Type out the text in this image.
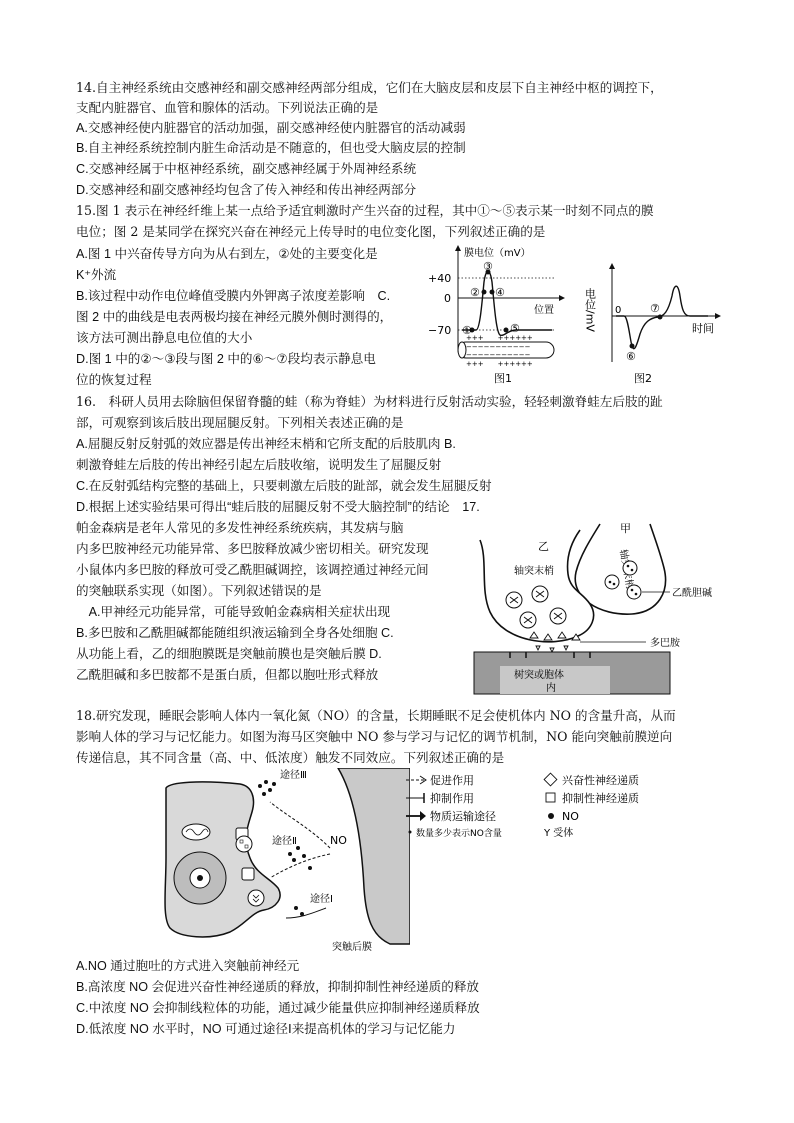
14.自主神经系统由交感神经和副交感神经两部分组成，它们在大脑皮层和皮层下自主神经中枢的调控下，
支配内脏器官、血管和腺体的活动。下列说法正确的是
A.交感神经使内脏器官的活动加强，副交感神经使内脏器官的活动减弱
B.自主神经系统控制内脏生命活动是不随意的，但也受大脑皮层的控制
C.交感神经属于中枢神经系统，副交感神经属于外周神经系统
D.交感神经和副交感神经均包含了传入神经和传出神经两部分
15.图 1 表示在神经纤维上某一点给予适宜刺激时产生兴奋的过程，其中①～⑤表示某一时刻不同点的膜
电位；图 2 是某同学在探究兴奋在神经元上传导时的电位变化图，下列叙述正确的是
A.图 1 中兴奋传导方向为从右到左，②处的主要变化是
K⁺外流
B.该过程中动作电位峰值受膜内外钾离子浓度差影响　C.
图 2 中的曲线是电表两极均接在神经元膜外侧时测得的，
该方法可测出静息电位值的大小
D.图 1 中的②～③段与图 2 中的⑥～⑦段均表示静息电
位的恢复过程
膜电位（mV）
+40
0
−70
位置
①
②
③
④
⑤
+++　　++++++
−−−−−−−−−−−
−−−−−−−−−−−
+++　　++++++
图1
电位/mV 0
时间
⑥
⑦
图2
16.　科研人员用去除脑但保留脊髓的蛙（称为脊蛙）为材料进行反射活动实验，轻轻刺激脊蛙左后肢的趾
部，可观察到该后肢出现屈腿反射。下列相关表述正确的是
A.屈腿反射反射弧的效应器是传出神经末梢和它所支配的后肢肌肉 B.
刺激脊蛙左后肢的传出神经引起左后肢收缩，说明发生了屈腿反射
C.在反射弧结构完整的基础上，只要刺激左后肢的趾部，就会发生屈腿反射
D.根据上述实验结果可得出“蛙后肢的屈腿反射不受大脑控制”的结论　17.
帕金森病是老年人常见的多发性神经系统疾病，其发病与脑
内多巴胺神经元功能异常、多巴胺释放减少密切相关。研究发现
小鼠体内多巴胺的释放可受乙酰胆碱调控，该调控通过神经元间
的突触联系实现（如图）。下列叙述错误的是
　A.甲神经元功能异常，可能导致帕金森病相关症状出现
B.多巴胺和乙酰胆碱都能随组织液运输到全身各处细胞 C.
从功能上看，乙的细胞膜既是突触前膜也是突触后膜 D.
乙酰胆碱和多巴胺都不是蛋白质，但都以胞吐形式释放
甲
乙酰胆碱
乙
轴突末梢
多巴胺
树突或胞体
内
18.研究发现，睡眠会影响人体内一氧化氮（NO）的含量，长期睡眠不足会使机体内 NO 的含量升高，从而
影响人体的学习与记忆能力。如图为海马区突触中 NO 参与学习与记忆的调节机制，NO 能向突触前膜逆向
传递信息，其不同含量（高、中、低浓度）触发不同效应。下列叙述正确的是
途径Ⅲ
途径Ⅱ
途径Ⅰ
NO
突触后膜
促进作用
抑制作用
物质运输途径
数量多少表示NO含量
兴奋性神经递质
抑制性神经递质
NO
Y 受体
A.NO 通过胞吐的方式进入突触前神经元
B.高浓度 NO 会促进兴奋性神经递质的释放，抑制抑制性神经递质的释放
C.中浓度 NO 会抑制线粒体的功能，通过减少能量供应抑制神经递质释放
D.低浓度 NO 水平时，NO 可通过途径Ⅰ来提高机体的学习与记忆能力
